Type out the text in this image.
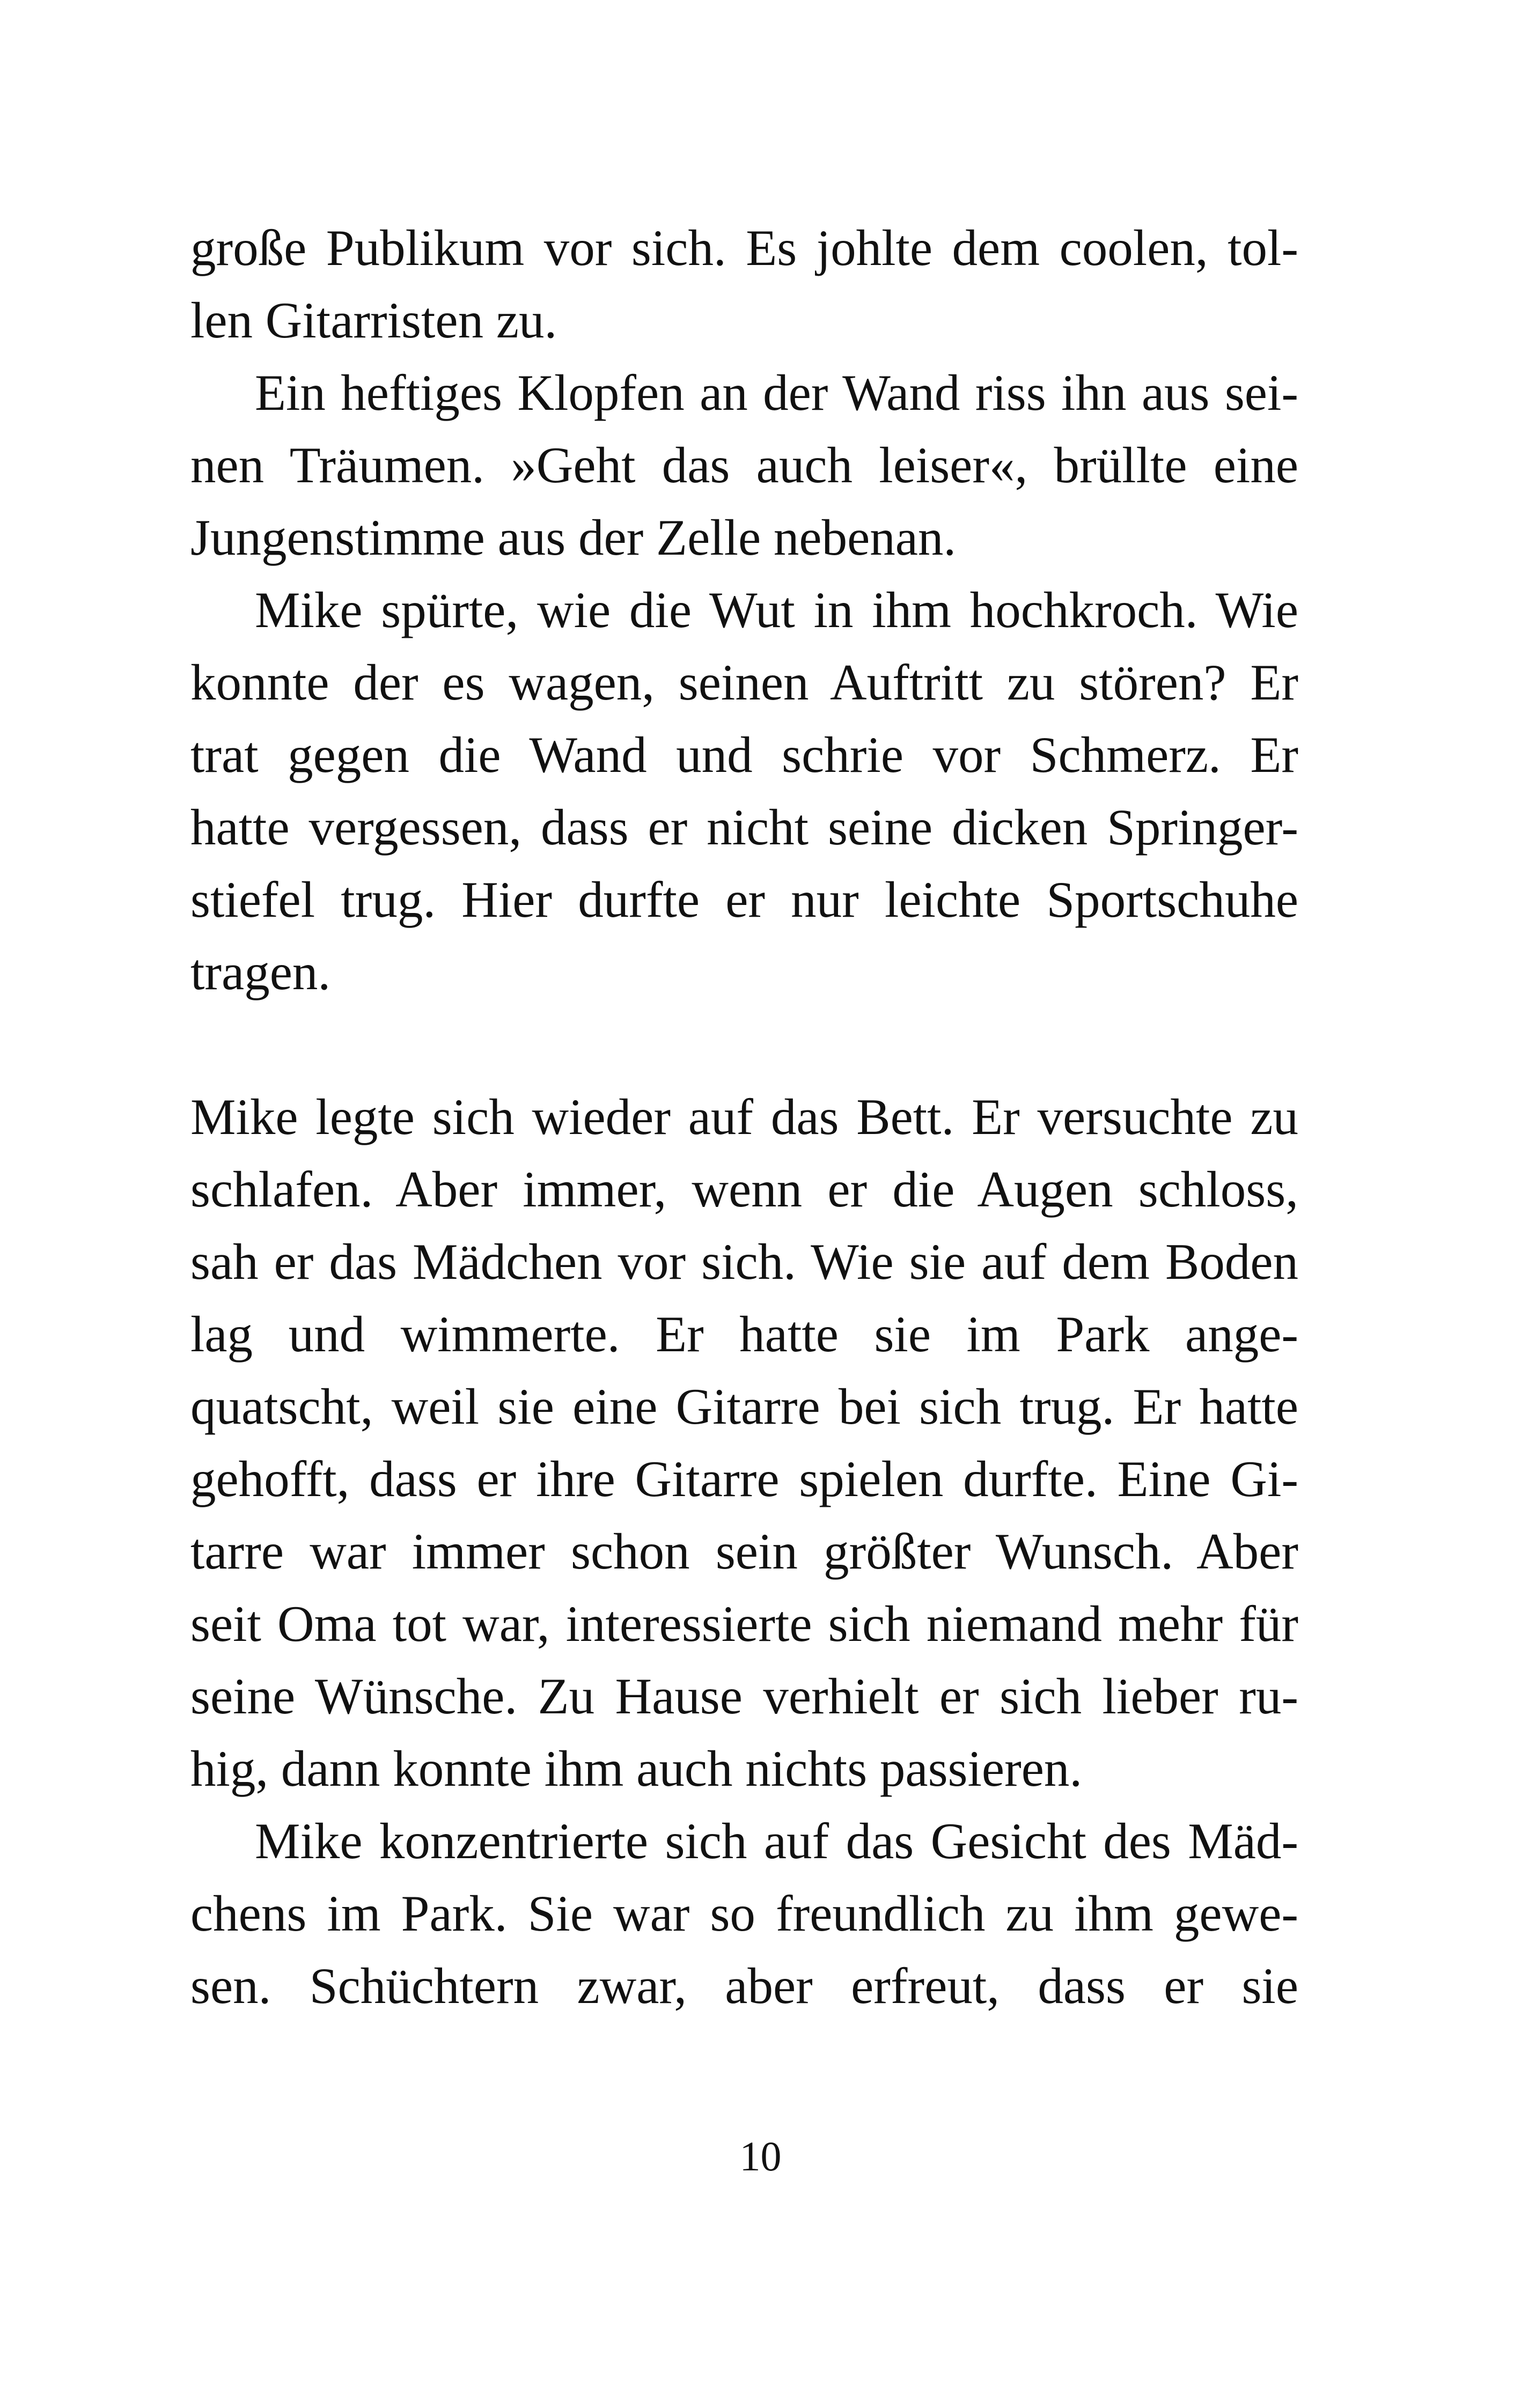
große Publikum vor sich. Es johlte dem coolen, tol-
len Gitarristen zu.
Ein heftiges Klopfen an der Wand riss ihn aus sei-
nen Träumen. »Geht das auch leiser«, brüllte eine
Jungenstimme aus der Zelle nebenan.
Mike spürte, wie die Wut in ihm hochkroch. Wie
konnte der es wagen, seinen Auftritt zu stören? Er
trat gegen die Wand und schrie vor Schmerz. Er
hatte vergessen, dass er nicht seine dicken Springer-
stiefel trug. Hier durfte er nur leichte Sportschuhe
tragen.
Mike legte sich wieder auf das Bett. Er versuchte zu
schlafen. Aber immer, wenn er die Augen schloss,
sah er das Mädchen vor sich. Wie sie auf dem Boden
lag und wimmerte. Er hatte sie im Park ange-
quatscht, weil sie eine Gitarre bei sich trug. Er hatte
gehofft, dass er ihre Gitarre spielen durfte. Eine Gi-
tarre war immer schon sein größter Wunsch. Aber
seit Oma tot war, interessierte sich niemand mehr für
seine Wünsche. Zu Hause verhielt er sich lieber ru-
hig, dann konnte ihm auch nichts passieren.
Mike konzentrierte sich auf das Gesicht des Mäd-
chens im Park. Sie war so freundlich zu ihm gewe-
sen. Schüchtern zwar, aber erfreut, dass er sie
10
